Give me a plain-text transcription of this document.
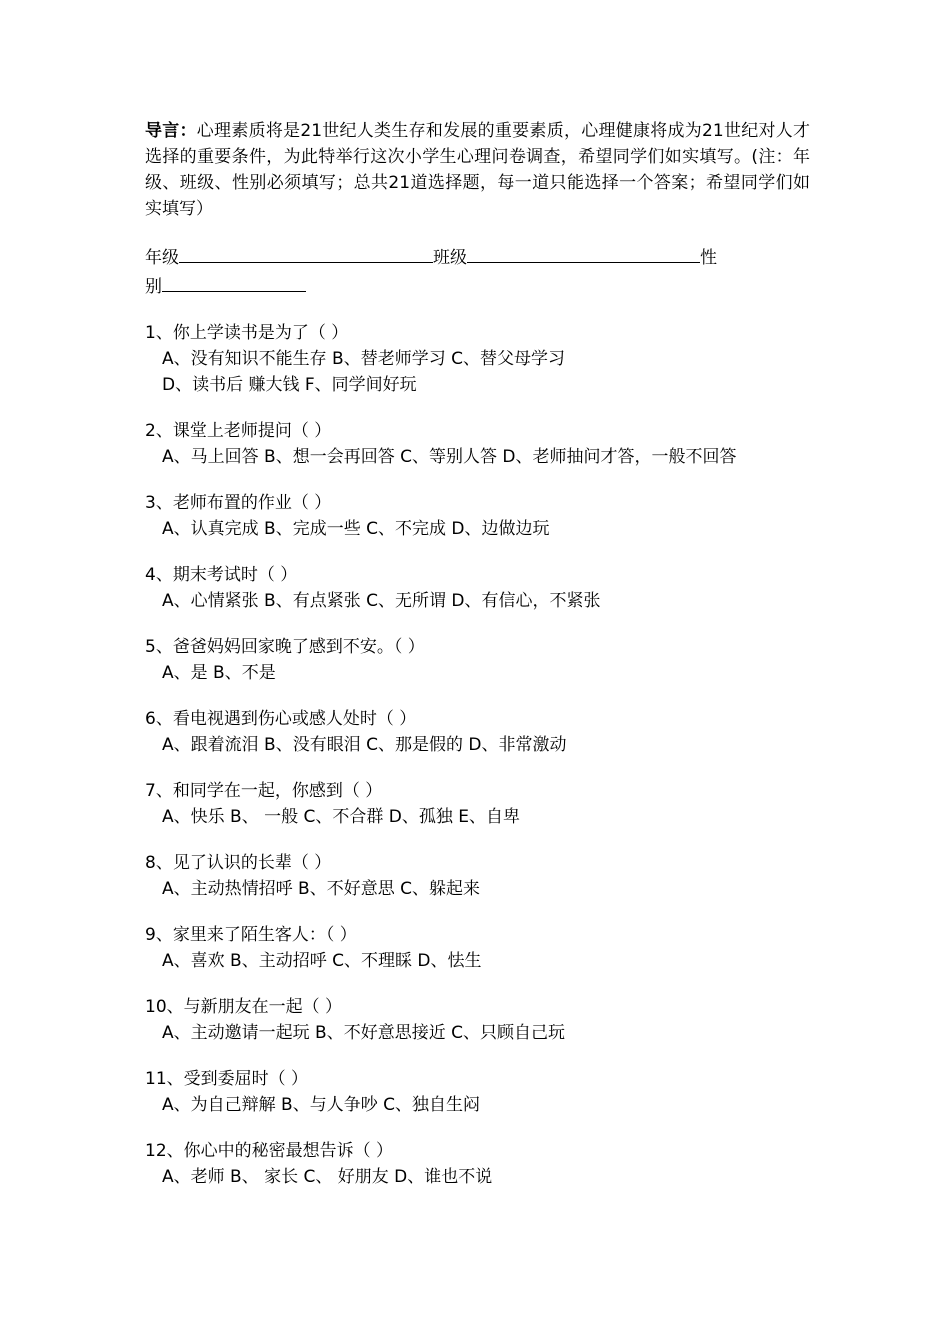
导言：心理素质将是21世纪人类生存和发展的重要素质，心理健康将成为21世纪对人才选择的重要条件，为此特举行这次小学生心理问卷调查，希望同学们如实填写。(注：年级、班级、性别必须填写；总共21道选择题，每一道只能选择一个答案；希望同学们如实填写）

年级	班级	性
别
1、你上学读书是为了（ ）
A、没有知识不能生存 B、替老师学习 C、替父母学习
D、读书后 赚大钱 F、同学间好玩
2、课堂上老师提问（ ）
A、马上回答 B、想一会再回答 C、等别人答 D、老师抽问才答，一般不回答
3、老师布置的作业（ ）
A、认真完成 B、完成一些 C、不完成 D、边做边玩
4、期末考试时（ ）
A、心情紧张 B、有点紧张 C、无所谓 D、有信心，不紧张
5、爸爸妈妈回家晚了感到不安。（ ）
A、是 B、不是
6、看电视遇到伤心或感人处时（ ）
A、跟着流泪 B、没有眼泪 C、那是假的 D、非常激动
7、和同学在一起，你感到（ ）
A、快乐 B、 一般 C、不合群 D、孤独 E、自卑
8、见了认识的长辈（ ）
A、主动热情招呼 B、不好意思 C、躲起来
9、家里来了陌生客人：（ ）
A、喜欢 B、主动招呼 C、不理睬 D、怯生
10、与新朋友在一起（ ）
A、主动邀请一起玩 B、不好意思接近 C、只顾自己玩
11、受到委屈时（ ）
A、为自己辩解 B、与人争吵 C、独自生闷
12、你心中的秘密最想告诉（ ）
A、老师 B、 家长 C、 好朋友 D、谁也不说
